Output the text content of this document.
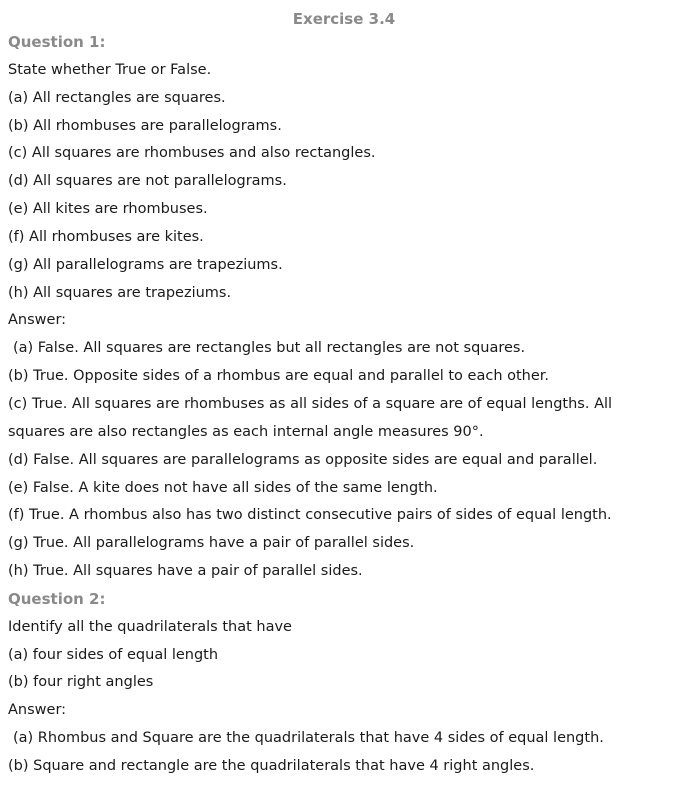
Exercise 3.4
Question 1:
State whether True or False.
(a) All rectangles are squares.
(b) All rhombuses are parallelograms.
(c) All squares are rhombuses and also rectangles.
(d) All squares are not parallelograms.
(e) All kites are rhombuses.
(f) All rhombuses are kites.
(g) All parallelograms are trapeziums.
(h) All squares are trapeziums.
Answer:
(a) False. All squares are rectangles but all rectangles are not squares.
(b) True. Opposite sides of a rhombus are equal and parallel to each other.
(c) True. All squares are rhombuses as all sides of a square are of equal lengths. All
squares are also rectangles as each internal angle measures 90°.
(d) False. All squares are parallelograms as opposite sides are equal and parallel.
(e) False. A kite does not have all sides of the same length.
(f) True. A rhombus also has two distinct consecutive pairs of sides of equal length.
(g) True. All parallelograms have a pair of parallel sides.
(h) True. All squares have a pair of parallel sides.
Question 2:
Identify all the quadrilaterals that have
(a) four sides of equal length
(b) four right angles
Answer:
(a) Rhombus and Square are the quadrilaterals that have 4 sides of equal length.
(b) Square and rectangle are the quadrilaterals that have 4 right angles.
